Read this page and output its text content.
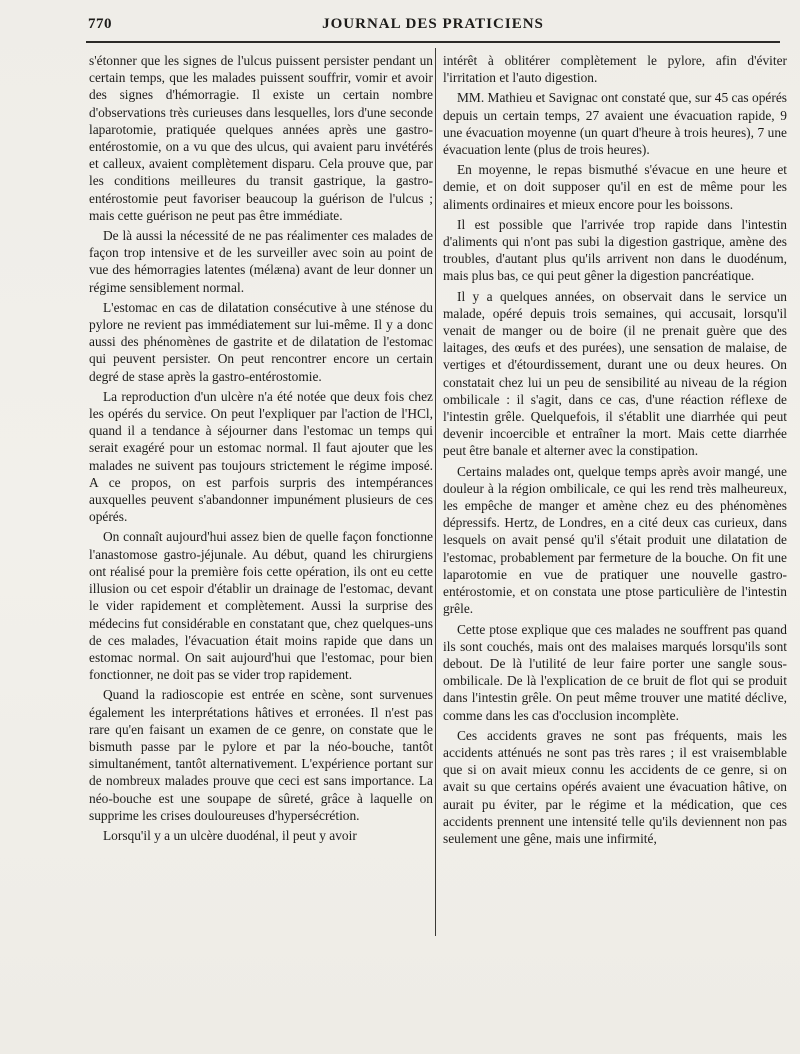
770	JOURNAL DES PRATICIENS

s'étonner que les signes de l'ulcus puissent persister pendant un certain temps, que les malades puissent souffrir, vomir et avoir des signes d'hémorragie. Il existe un certain nombre d'observations très curieuses dans lesquelles, lors d'une seconde laparotomie, pratiquée quelques années après une gastro-entérostomie, on a vu que des ulcus, qui avaient paru invétérés et calleux, avaient complètement disparu. Cela prouve que, par les conditions meilleures du transit gastrique, la gastro-entérostomie peut favoriser beaucoup la guérison de l'ulcus ; mais cette guérison ne peut pas être immédiate.

De là aussi la nécessité de ne pas réalimenter ces malades de façon trop intensive et de les surveiller avec soin au point de vue des hémorragies latentes (mélæna) avant de leur donner un régime sensiblement normal.

L'estomac en cas de dilatation consécutive à une sténose du pylore ne revient pas immédiatement sur lui-même. Il y a donc aussi des phénomènes de gastrite et de dilatation de l'estomac qui peuvent persister. On peut rencontrer encore un certain degré de stase après la gastro-entérostomie.

La reproduction d'un ulcère n'a été notée que deux fois chez les opérés du service. On peut l'expliquer par l'action de l'HCl, quand il a tendance à séjourner dans l'estomac un temps qui serait exagéré pour un estomac normal. Il faut ajouter que les malades ne suivent pas toujours strictement le régime imposé. A ce propos, on est parfois surpris des intempérances auxquelles peuvent s'abandonner impunément plusieurs de ces opérés.

On connaît aujourd'hui assez bien de quelle façon fonctionne l'anastomose gastro-jéjunale. Au début, quand les chirurgiens ont réalisé pour la première fois cette opération, ils ont eu cette illusion ou cet espoir d'établir un drainage de l'estomac, devant le vider rapidement et complètement. Aussi la surprise des médecins fut considérable en constatant que, chez quelques-uns de ces malades, l'évacuation était moins rapide que dans un estomac normal. On sait aujourd'hui que l'estomac, pour bien fonctionner, ne doit pas se vider trop rapidement.

Quand la radioscopie est entrée en scène, sont survenues également les interprétations hâtives et erronées. Il n'est pas rare qu'en faisant un examen de ce genre, on constate que le bismuth passe par le pylore et par la néo-bouche, tantôt simultanément, tantôt alternativement. L'expérience portant sur de nombreux malades prouve que ceci est sans importance. La néo-bouche est une soupape de sûreté, grâce à laquelle on supprime les crises douloureuses d'hypersécrétion.

Lorsqu'il y a un ulcère duodénal, il peut y avoir

intérêt à oblitérer complètement le pylore, afin d'éviter l'irritation et l'auto digestion.

MM. Mathieu et Savignac ont constaté que, sur 45 cas opérés depuis un certain temps, 27 avaient une évacuation rapide, 9 une évacuation moyenne (un quart d'heure à trois heures), 7 une évacuation lente (plus de trois heures).

En moyenne, le repas bismuthé s'évacue en une heure et demie, et on doit supposer qu'il en est de même pour les aliments ordinaires et mieux encore pour les boissons.

Il est possible que l'arrivée trop rapide dans l'intestin d'aliments qui n'ont pas subi la digestion gastrique, amène des troubles, d'autant plus qu'ils arrivent non dans le duodénum, mais plus bas, ce qui peut gêner la digestion pancréatique.

Il y a quelques années, on observait dans le service un malade, opéré depuis trois semaines, qui accusait, lorsqu'il venait de manger ou de boire (il ne prenait guère que des laitages, des œufs et des purées), une sensation de malaise, de vertiges et d'étourdissement, durant une ou deux heures. On constatait chez lui un peu de sensibilité au niveau de la région ombilicale : il s'agit, dans ce cas, d'une réaction réflexe de l'intestin grêle. Quelquefois, il s'établit une diarrhée qui peut devenir incoercible et entraîner la mort. Mais cette diarrhée peut être banale et alterner avec la constipation.

Certains malades ont, quelque temps après avoir mangé, une douleur à la région ombilicale, ce qui les rend très malheureux, les empêche de manger et amène chez eu des phénomènes dépressifs. Hertz, de Londres, en a cité deux cas curieux, dans lesquels on avait pensé qu'il s'était produit une dilatation de l'estomac, probablement par fermeture de la bouche. On fit une laparotomie en vue de pratiquer une nouvelle gastro-entérostomie, et on constata une ptose particulière de l'intestin grêle.

Cette ptose explique que ces malades ne souffrent pas quand ils sont couchés, mais ont des malaises marqués lorsqu'ils sont debout. De là l'utilité de leur faire porter une sangle sous-ombilicale. De là l'explication de ce bruit de flot qui se produit dans l'intestin grêle. On peut même trouver une matité déclive, comme dans les cas d'occlusion incomplète.

Ces accidents graves ne sont pas fréquents, mais les accidents atténués ne sont pas très rares ; il est vraisemblable que si on avait mieux connu les accidents de ce genre, si on avait su que certains opérés avaient une évacuation hâtive, on aurait pu éviter, par le régime et la médication, que ces accidents prennent une intensité telle qu'ils deviennent non pas seulement une gêne, mais une infirmité,
